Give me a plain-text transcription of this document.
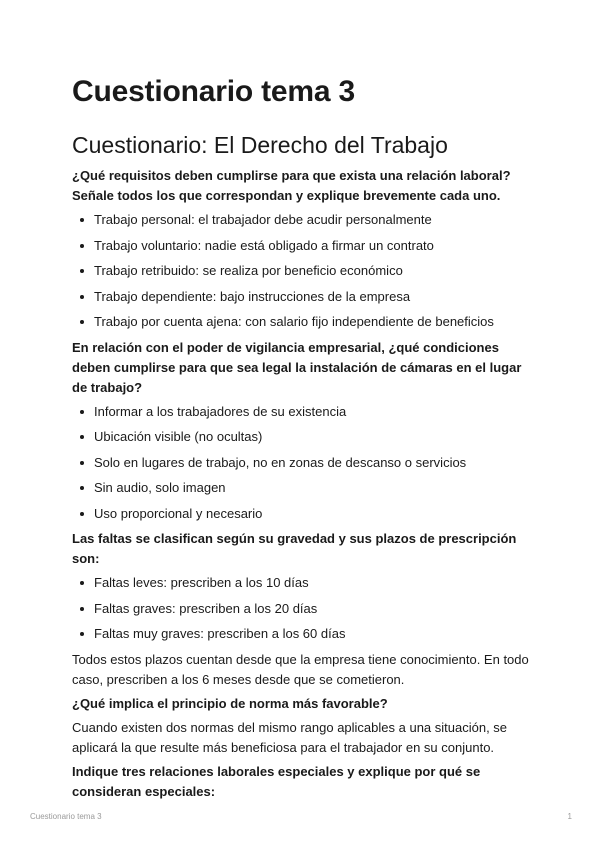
Cuestionario tema 3
Cuestionario: El Derecho del Trabajo

¿Qué requisitos deben cumplirse para que exista una relación laboral? Señale todos los que correspondan y explique brevemente cada uno.

Trabajo personal: el trabajador debe acudir personalmente
Trabajo voluntario: nadie está obligado a firmar un contrato
Trabajo retribuido: se realiza por beneficio económico
Trabajo dependiente: bajo instrucciones de la empresa
Trabajo por cuenta ajena: con salario fijo independiente de beneficios

En relación con el poder de vigilancia empresarial, ¿qué condiciones deben cumplirse para que sea legal la instalación de cámaras en el lugar de trabajo?

Informar a los trabajadores de su existencia
Ubicación visible (no ocultas)
Solo en lugares de trabajo, no en zonas de descanso o servicios
Sin audio, solo imagen
Uso proporcional y necesario

Las faltas se clasifican según su gravedad y sus plazos de prescripción son:

Faltas leves: prescriben a los 10 días
Faltas graves: prescriben a los 20 días
Faltas muy graves: prescriben a los 60 días

Todos estos plazos cuentan desde que la empresa tiene conocimiento. En todo caso, prescriben a los 6 meses desde que se cometieron.

¿Qué implica el principio de norma más favorable?

Cuando existen dos normas del mismo rango aplicables a una situación, se aplicará la que resulte más beneficiosa para el trabajador en su conjunto.

Indique tres relaciones laborales especiales y explique por qué se consideran especiales:

Cuestionario tema 3	1
